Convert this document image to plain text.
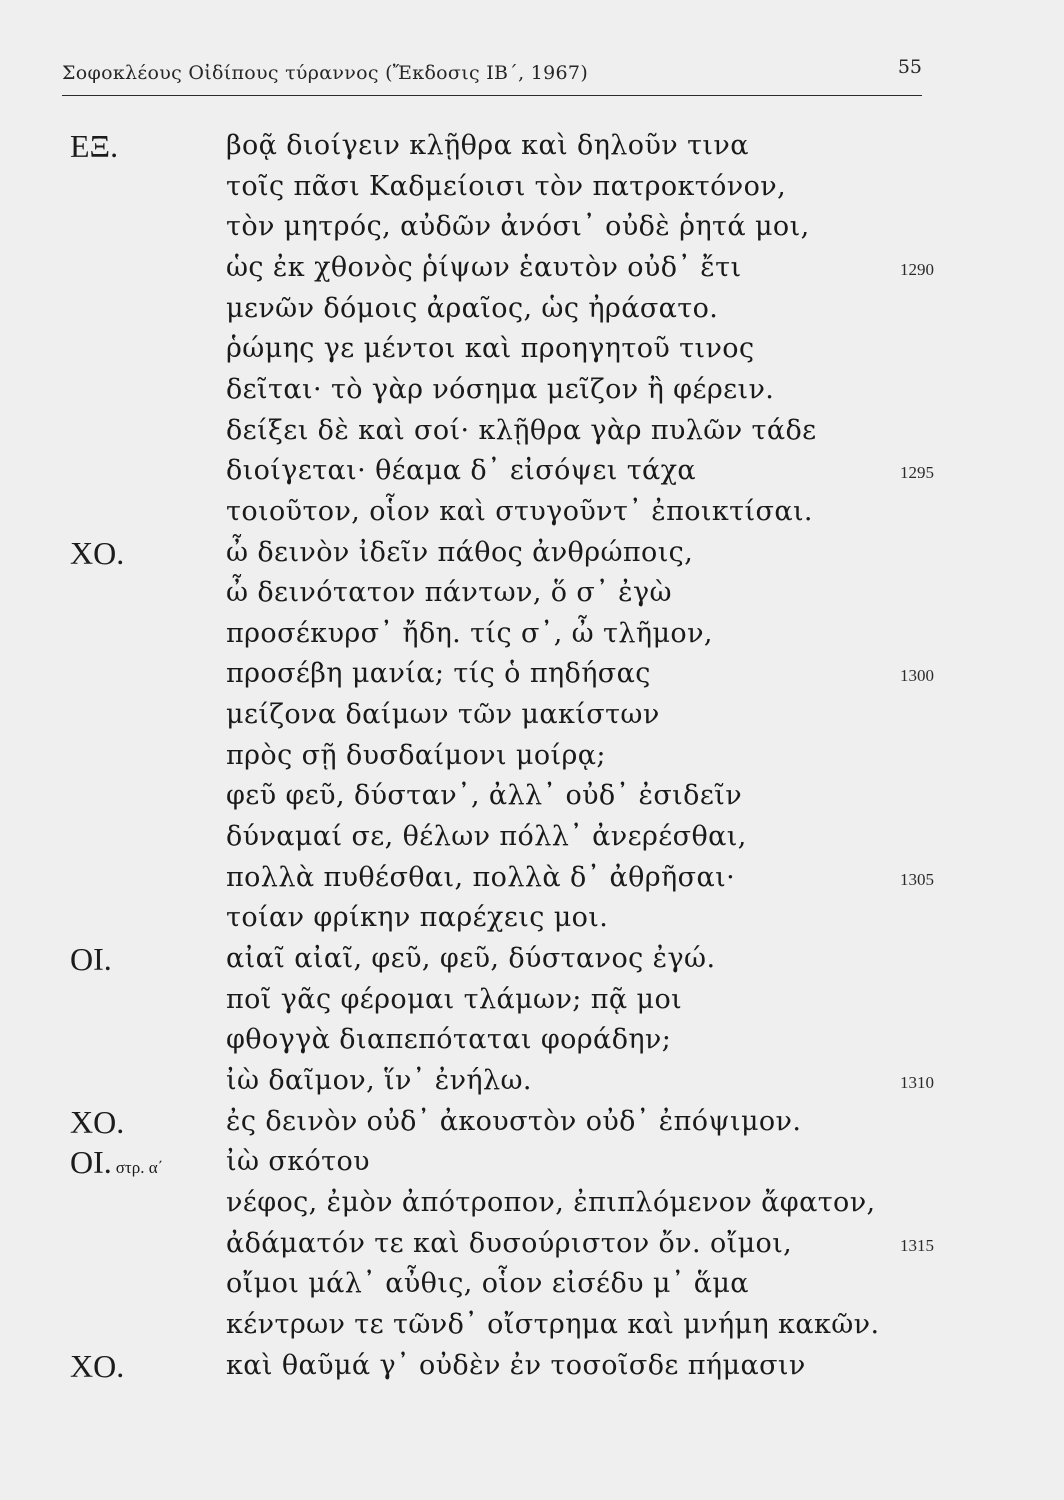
Σοφοκλέους Οἰδίπους τύραννος (Ἔκδοσις ΙΒ΄, 1967)	55
ΕΞ.	βοᾷ διοίγειν κλῇθρα καὶ δηλοῦν τινα
τοῖς πᾶσι Καδμείοισι τὸν πατροκτόνον,
τὸν μητρός, αὐδῶν ἀνόσι᾽ οὐδὲ ῥητά μοι,
ὡς ἐκ χθονὸς ῥίψων ἑαυτὸν οὐδ᾽ ἔτι	1290
μενῶν δόμοις ἀραῖος, ὡς ἠράσατο.
ῥώμης γε μέντοι καὶ προηγητοῦ τινος
δεῖται· τὸ γὰρ νόσημα μεῖζον ἢ φέρειν.
δείξει δὲ καὶ σοί· κλῇθρα γὰρ πυλῶν τάδε
διοίγεται· θέαμα δ᾽ εἰσόψει τάχα	1295
τοιοῦτον, οἷον καὶ στυγοῦντ᾽ ἐποικτίσαι.
ΧΟ.	ὦ δεινὸν ἰδεῖν πάθος ἀνθρώποις,
ὦ δεινότατον πάντων, ὅ σ᾽ ἐγὼ
προσέκυρσ᾽ ἤδη. τίς σ᾽, ὦ τλῆμον,
προσέβη μανία; τίς ὁ πηδήσας	1300
μείζονα δαίμων τῶν μακίστων
πρὸς σῇ δυσδαίμονι μοίρᾳ;
φεῦ φεῦ, δύσταν᾽, ἀλλ᾽ οὐδ᾽ ἐσιδεῖν
δύναμαί σε, θέλων πόλλ᾽ ἀνερέσθαι,
πολλὰ πυθέσθαι, πολλὰ δ᾽ ἀθρῆσαι·	1305
τοίαν φρίκην παρέχεις μοι.
ΟΙ.	αἰαῖ αἰαῖ, φεῦ, φεῦ, δύστανος ἐγώ.
ποῖ γᾶς φέρομαι τλάμων; πᾷ μοι
φθογγὰ διαπεπόταται φοράδην;
ἰὼ δαῖμον, ἵν᾽ ἐνήλω.	1310
ΧΟ.	ἐς δεινὸν οὐδ᾽ ἀκουστὸν οὐδ᾽ ἐπόψιμον.
ΟΙ. στρ. α΄ ἰὼ σκότου
νέφος, ἐμὸν ἀπότροπον, ἐπιπλόμενον ἄφατον,
ἀδάματόν τε καὶ δυσούριστον ὄν. οἴμοι,	1315
οἴμοι μάλ᾽ αὖθις, οἷον εἰσέδυ μ᾽ ἅμα
κέντρων τε τῶνδ᾽ οἴστρημα καὶ μνήμη κακῶν.
ΧΟ.	καὶ θαῦμά γ᾽ οὐδὲν ἐν τοσοῖσδε πήμασιν
